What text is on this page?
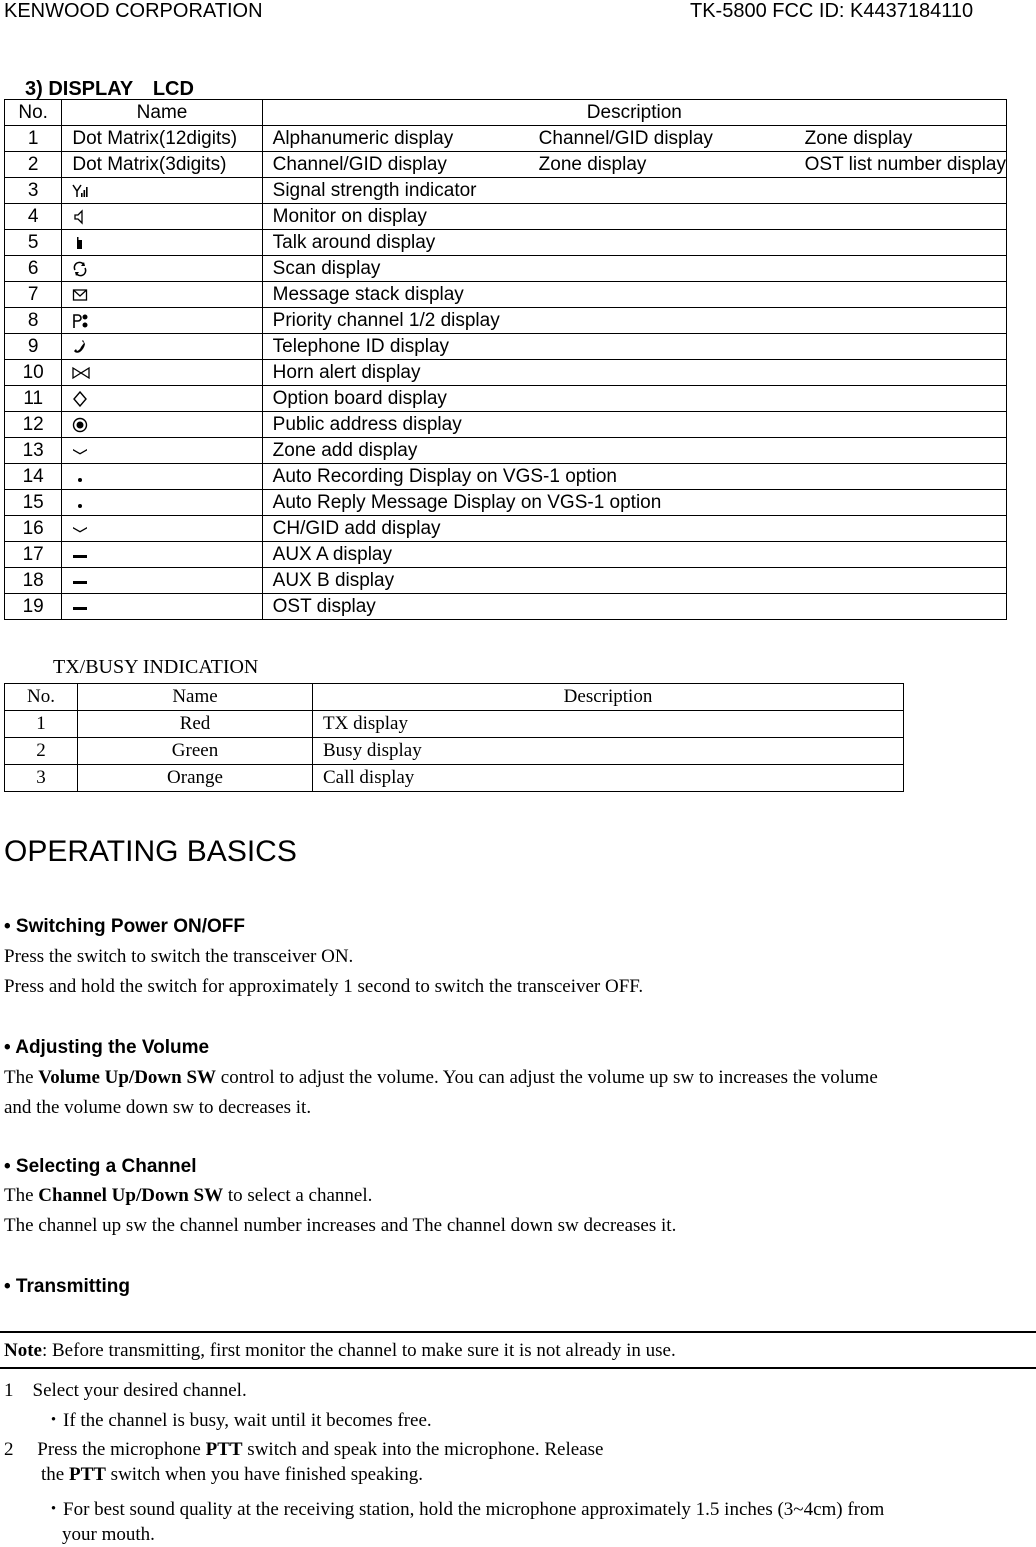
KENWOOD CORPORATION	TK-5800 FCC ID: K4437184110
3) DISPLAY　LCD
No.	Name	Description
1	Dot Matrix(12digits)	Alphanumeric display Channel/GID display Zone display
2	Dot Matrix(3digits)	Channel/GID display Zone display OST list number display
3		Signal strength indicator
4		Monitor on display
5		Talk around display
6		Scan display
7		Message stack display
8		Priority channel 1/2 display
9		Telephone ID display
10		Horn alert display
11		Option board display
12		Public address display
13		Zone add display
14		Auto Recording Display on VGS-1 option
15		Auto Reply Message Display on VGS-1 option
16		CH/GID add display
17		AUX A display
18		AUX B display
19		OST display
TX/BUSY INDICATION
No.	Name	Description
1	Red	TX display
2	Green	Busy display
3	Orange	Call display
OPERATING BASICS
• Switching Power ON/OFF
Press the switch to switch the transceiver ON.
Press and hold the switch for approximately 1 second to switch the transceiver OFF.
• Adjusting the Volume
The Volume Up/Down SW control to adjust the volume. You can adjust the volume up sw to increases the volume
and the volume down sw to decreases it.
• Selecting a Channel
The Channel Up/Down SW to select a channel.
The channel up sw the channel number increases and The channel down sw decreases it.
• Transmitting
Note: Before transmitting, first monitor the channel to make sure it is not already in use.
1　Select your desired channel.
・If the channel is busy, wait until it becomes free.
2　 Press the microphone PTT switch and speak into the microphone. Release
the PTT switch when you have finished speaking.
・For best sound quality at the receiving station, hold the microphone approximately 1.5 inches (3~4cm) from
your mouth.
